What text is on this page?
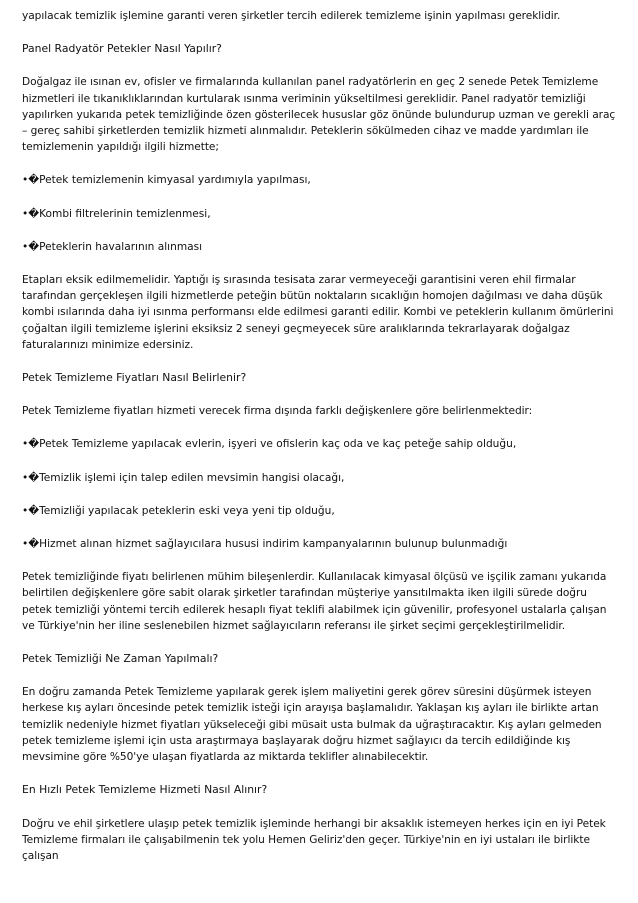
yapılacak temizlik işlemine garanti veren şirketler tercih edilerek temizleme işinin yapılması gereklidir.

Panel Radyatör Petekler Nasıl Yapılır?

Doğalgaz ile ısınan ev, ofisler ve firmalarında kullanılan panel radyatörlerin en geç 2 senede Petek Temizleme hizmetleri ile tıkanıklıklarından kurtularak ısınma veriminin yükseltilmesi gereklidir. Panel radyatör temizliği yapılırken yukarıda petek temizliğinde özen gösterilecek hususlar göz önünde bulundurup uzman ve gerekli araç – gereç sahibi şirketlerden temizlik hizmeti alınmalıdır. Peteklerin sökülmeden cihaz ve madde yardımları ile temizlemenin yapıldığı ilgili hizmette;

•�Petek temizlemenin kimyasal yardımıyla yapılması,

•�Kombi filtrelerinin temizlenmesi,

•�Peteklerin havalarının alınması

Etapları eksik edilmemelidir. Yaptığı iş sırasında tesisata zarar vermeyeceği garantisini veren ehil firmalar tarafından gerçekleşen ilgili hizmetlerde peteğin bütün noktaların sıcaklığın homojen dağılması ve daha düşük kombi ısılarında daha iyi ısınma performansı elde edilmesi garanti edilir. Kombi ve peteklerin kullanım ömürlerini çoğaltan ilgili temizleme işlerini eksiksiz 2 seneyi geçmeyecek süre aralıklarında tekrarlayarak doğalgaz faturalarınızı minimize edersiniz.

Petek Temizleme Fiyatları Nasıl Belirlenir?

Petek Temizleme fiyatları hizmeti verecek firma dışında farklı değişkenlere göre belirlenmektedir:

•�Petek Temizleme yapılacak evlerin, işyeri ve ofislerin kaç oda ve kaç peteğe sahip olduğu,

•�Temizlik işlemi için talep edilen mevsimin hangisi olacağı,

•�Temizliği yapılacak peteklerin eski veya yeni tip olduğu,

•�Hizmet alınan hizmet sağlayıcılara hususi indirim kampanyalarının bulunup bulunmadığı

Petek temizliğinde fiyatı belirlenen mühim bileşenlerdir. Kullanılacak kimyasal ölçüsü ve işçilik zamanı yukarıda belirtilen değişkenlere göre sabit olarak şirketler tarafından müşteriye yansıtılmakta iken ilgili sürede doğru petek temizliği yöntemi tercih edilerek hesaplı fiyat teklifi alabilmek için güvenilir, profesyonel ustalarla çalışan ve Türkiye'nin her iline seslenebilen hizmet sağlayıcıların referansı ile şirket seçimi gerçekleştirilmelidir.

Petek Temizliği Ne Zaman Yapılmalı?

En doğru zamanda Petek Temizleme yapılarak gerek işlem maliyetini gerek görev süresini düşürmek isteyen herkese kış ayları öncesinde petek temizlik isteği için arayışa başlamalıdır. Yaklaşan kış ayları ile birlikte artan temizlik nedeniyle hizmet fiyatları yükseleceği gibi müsait usta bulmak da uğraştıracaktır. Kış ayları gelmeden petek temizleme işlemi için usta araştırmaya başlayarak doğru hizmet sağlayıcı da tercih edildiğinde kış mevsimine göre %50'ye ulaşan fiyatlarda az miktarda teklifler alınabilecektir.

En Hızlı Petek Temizleme Hizmeti Nasıl Alınır?

Doğru ve ehil şirketlere ulaşıp petek temizlik işleminde herhangi bir aksaklık istemeyen herkes için en iyi Petek Temizleme firmaları ile çalışabilmenin tek yolu Hemen Geliriz'den geçer. Türkiye'nin en iyi ustaları ile birlikte çalışan
